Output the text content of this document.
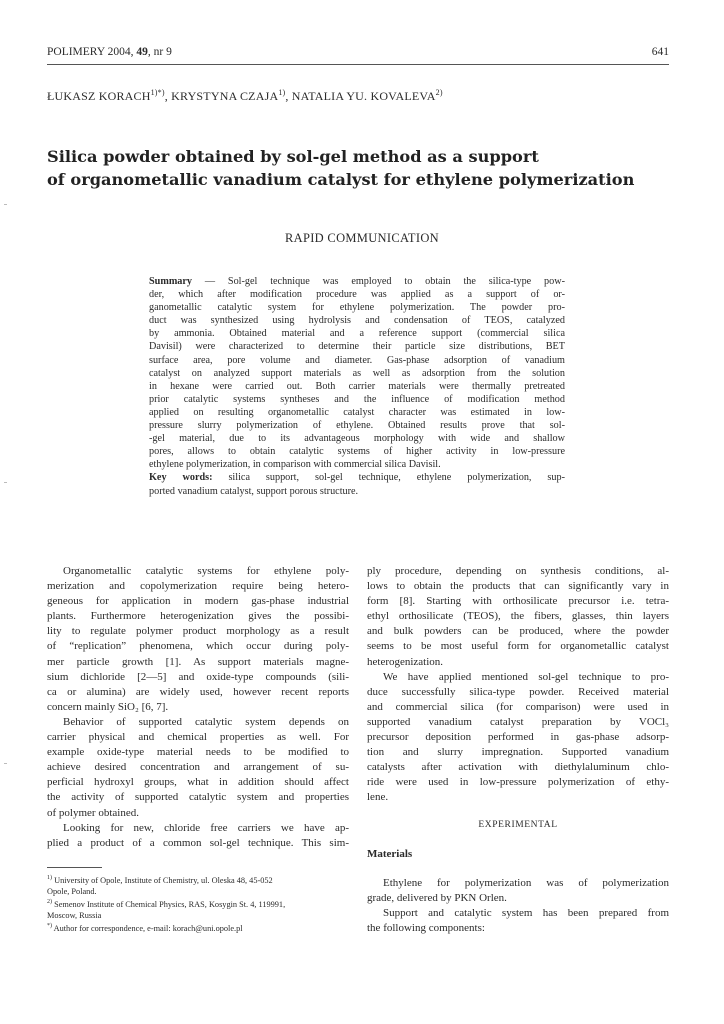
POLIMERY 2004, 49, nr 9	641
ŁUKASZ $KORACH^{1)*)}$, KRYSTYNA CZAJA$^{1)}$, NATALIA YU. KOVALEVA$^{2)}$
Silica powder obtained by sol-gel method as a support
of organometallic vanadium catalyst for ethylene polymerization
RAPID COMMUNICATION
Summary — Sol-gel technique was employed to obtain the silica-type pow-
der, which after modification procedure was applied as a support of or-
ganometallic catalytic system for ethylene polymerization. The powder pro-
duct was synthesized using hydrolysis and condensation of TEOS, catalyzed
by ammonia. Obtained material and a reference support (commercial silica
Davisil) were characterized to determine their particle size distributions, BET
surface area, pore volume and diameter. Gas-phase adsorption of vanadium
catalyst on analyzed support materials as well as adsorption from the solution
in hexane were carried out. Both carrier materials were thermally pretreated
prior catalytic systems syntheses and the influence of modification method
applied on resulting organometallic catalyst character was estimated in low-
pressure slurry polymerization of ethylene. Obtained results prove that sol-
-gel material, due to its advantageous morphology with wide and shallow
pores, allows to obtain catalytic systems of higher activity in low-pressure
ethylene polymerization, in comparison with commercial silica Davisil.
Key words: silica support, sol-gel technique, ethylene polymerization, sup-
ported vanadium catalyst, support porous structure.
Organometallic catalytic systems for ethylene poly-
merization and copolymerization require being hetero-
geneous for application in modern gas-phase industrial
plants. Furthermore heterogenization gives the possibi-
lity to regulate polymer product morphology as a result
of “replication” phenomena, which occur during poly-
mer particle growth [1]. As support materials magne-
sium dichloride [2—5] and oxide-type compounds (sili-
ca or alumina) are widely used, however recent reports
concern mainly SiO₂ [6, 7].
Behavior of supported catalytic system depends on
carrier physical and chemical properties as well. For
example oxide-type material needs to be modified to
achieve desired concentration and arrangement of su-
perficial hydroxyl groups, what in addition should affect
the activity of supported catalytic system and properties
of polymer obtained.
Looking for new, chloride free carriers we have ap-
plied a product of a common sol-gel technique. This sim-
ply procedure, depending on synthesis conditions, al-
lows to obtain the products that can significantly vary in
form [8]. Starting with orthosilicate precursor i.e. tetra-
ethyl orthosilicate (TEOS), the fibers, glasses, thin layers
and bulk powders can be produced, where the powder
seems to be most useful form for organometallic catalyst
heterogenization.
We have applied mentioned sol-gel technique to pro-
duce successfully silica-type powder. Received material
and commercial silica (for comparison) were used in
supported vanadium catalyst preparation by VOCl₃
precursor deposition performed in gas-phase adsorp-
tion and slurry impregnation. Supported vanadium
catalysts after activation with diethylaluminum chlo-
ride were used in low-pressure polymerization of ethy-
lene.
EXPERIMENTAL
Materials
Ethylene for polymerization was of polymerization
grade, delivered by PKN Orlen.
Support and catalytic system has been prepared from
the following components:
$^{1)}$ University of Opole, Institute of Chemistry, ul. Oleska 48, 45-052
Opole, Poland.
$^{2)}$ Semenov Institute of Chemical Physics, RAS, Kosygin St. 4, 119991,
Moscow, Russia
*) Author for correspondence, e-mail: korach@uni.opole.pl
